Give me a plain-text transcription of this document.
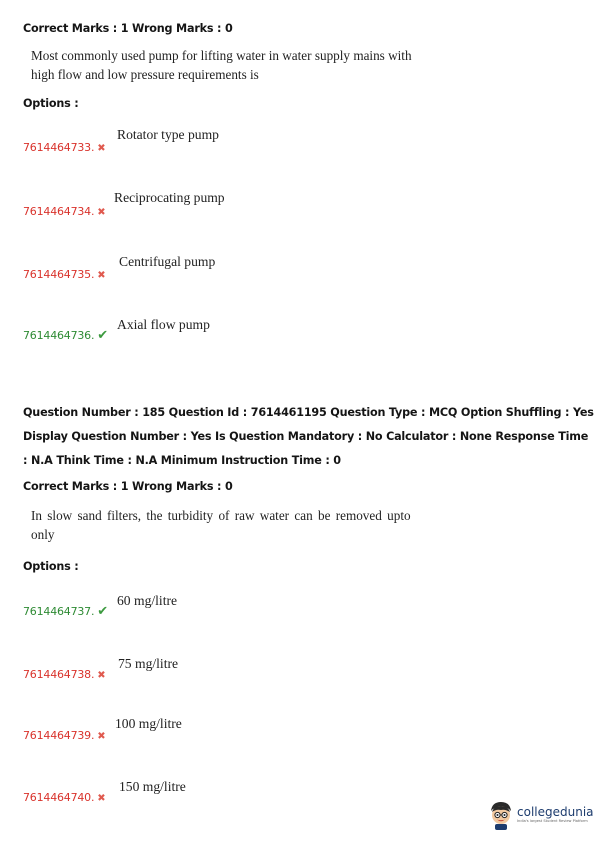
Correct Marks : 1 Wrong Marks : 0
Most commonly used pump for lifting water in water supply mains with
high flow and low pressure requirements is
Options :
7614464733. ✖
Rotator type pump
7614464734. ✖
Reciprocating pump
7614464735. ✖
Centrifugal pump
7614464736. ✔
Axial flow pump
Question Number : 185 Question Id : 7614461195 Question Type : MCQ Option Shuffling : Yes
Display Question Number : Yes Is Question Mandatory : No Calculator : None Response Time
: N.A Think Time : N.A Minimum Instruction Time : 0
Correct Marks : 1 Wrong Marks : 0
In slow sand filters, the turbidity of raw water can be removed upto
only
Options :
7614464737. ✔
60 mg/litre
7614464738. ✖
75 mg/litre
7614464739. ✖
100 mg/litre
7614464740. ✖
150 mg/litre
collegedunia
India's largest Student Review Platform
